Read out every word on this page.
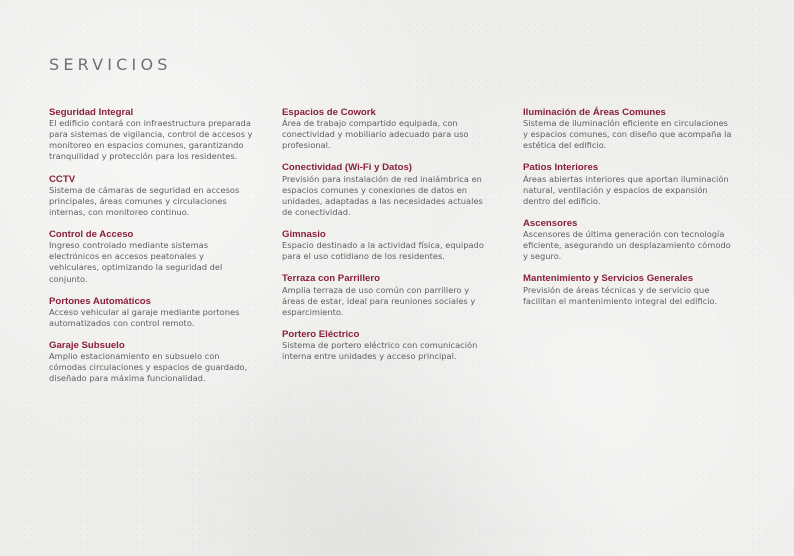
SERVICIOS
Seguridad Integral

El edificio contará con infraestructura preparada para sistemas de vigilancia, control de accesos y monitoreo en espacios comunes, garantizando tranquilidad y protección para los residentes.

CCTV

Sistema de cámaras de seguridad en accesos principales, áreas comunes y circulaciones internas, con monitoreo continuo.

Control de Acceso

Ingreso controlado mediante sistemas electrónicos en accesos peatonales y vehiculares, optimizando la seguridad del conjunto.

Portones Automáticos

Acceso vehicular al garaje mediante portones automatizados con control remoto.

Garaje Subsuelo

Amplio estacionamiento en subsuelo con cómodas circulaciones y espacios de guardado, diseñado para máxima funcionalidad.

Espacios de Cowork

Área de trabajo compartido equipada, con conectividad y mobiliario adecuado para uso profesional.

Conectividad (Wi-Fi y Datos)

Previsión para instalación de red inalámbrica en espacios comunes y conexiones de datos en unidades, adaptadas a las necesidades actuales de conectividad.

Gimnasio

Espacio destinado a la actividad física, equipado para el uso cotidiano de los residentes.

Terraza con Parrillero

Amplia terraza de uso común con parrillero y áreas de estar, ideal para reuniones sociales y esparcimiento.

Portero Eléctrico

Sistema de portero eléctrico con comunicación interna entre unidades y acceso principal.

Iluminación de Áreas Comunes

Sistema de iluminación eficiente en circulaciones y espacios comunes, con diseño que acompaña la estética del edificio.

Patios Interiores

Áreas abiertas interiores que aportan iluminación natural, ventilación y espacios de expansión dentro del edificio.

Ascensores

Ascensores de última generación con tecnología eficiente, asegurando un desplazamiento cómodo y seguro.

Mantenimiento y Servicios Generales

Previsión de áreas técnicas y de servicio que facilitan el mantenimiento integral del edificio.
